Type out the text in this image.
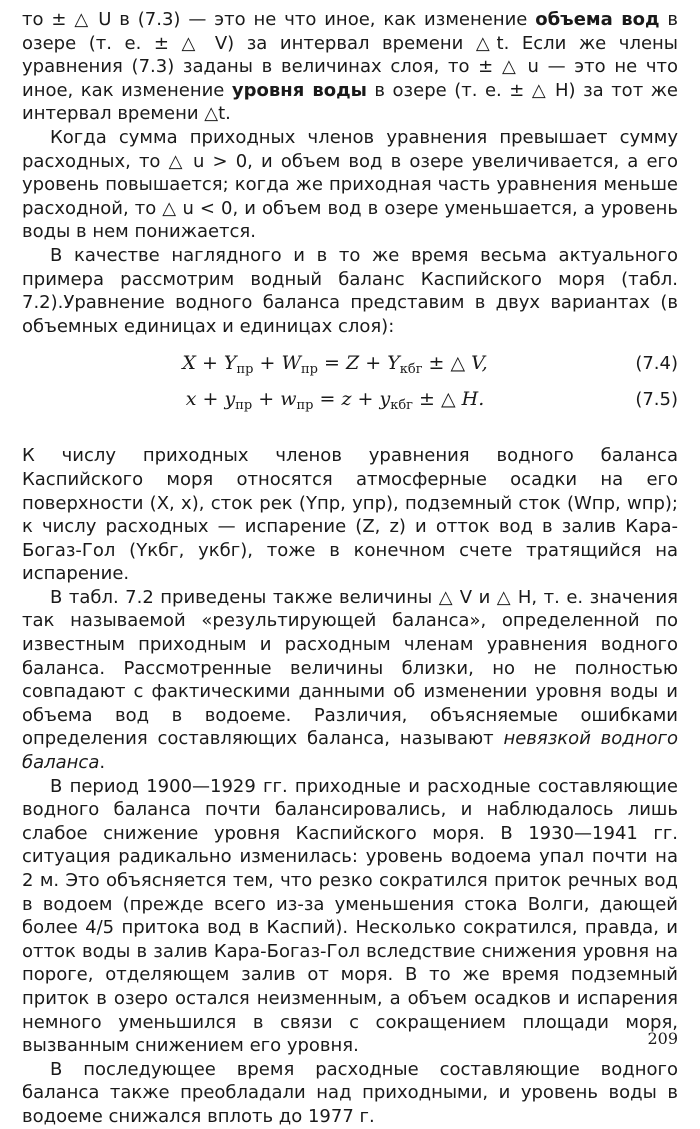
то ± △ U в (7.3) — это не что иное, как изменение объема вод в озере (т. е. ± △ V) за интервал времени △t. Если же члены уравнения (7.3) заданы в величинах слоя, то ± △ u — это не что иное, как изменение уровня воды в озере (т. е. ± △ H) за тот же интервал времени △t.

Когда сумма приходных членов уравнения превышает сумму расходных, то △ u > 0, и объем вод в озере увеличивается, а его уровень повышается; когда же приходная часть уравнения меньше расходной, то △ u < 0, и объем вод в озере уменьшается, а уровень воды в нем понижается.

В качестве наглядного и в то же время весьма актуального примера рассмотрим водный баланс Каспийского моря (табл. 7.2).Уравнение водного баланса представим в двух вариантах (в объемных единицах и единицах слоя):

$X + Y_{пр} + W_{пр} = Z + Y_{кбг}$ ± △ V,	(7.4)
$x + y_{пр} + w_{пр} = z + y_{кбг}$ ± △ H.	(7.5)

К числу приходных членов уравнения водного баланса Каспийского моря относятся атмосферные осадки на его поверхности (X, x), сток рек (Yпр, yпр), подземный сток (Wпр, wпр); к числу расходных — испарение (Z, z) и отток вод в залив Кара-Богаз-Гол (Yкбг, yкбг), тоже в конечном счете тратящийся на испарение.

В табл. 7.2 приведены также величины △ V и △ H, т. е. значения так называемой «результирующей баланса», определенной по известным приходным и расходным членам уравнения водного баланса. Рассмотренные величины близки, но не полностью совпадают с фактическими данными об изменении уровня воды и объема вод в водоеме. Различия, объясняемые ошибками определения составляющих баланса, называют невязкой водного баланса.

В период 1900—1929 гг. приходные и расходные составляющие водного баланса почти балансировались, и наблюдалось лишь слабое снижение уровня Каспийского моря. В 1930—1941 гг. ситуация радикально изменилась: уровень водоема упал почти на 2 м. Это объясняется тем, что резко сократился приток речных вод в водоем (прежде всего из-за уменьшения стока Волги, дающей более 4/5 притока вод в Каспий). Несколько сократился, правда, и отток воды в залив Кара-Богаз-Гол вследствие снижения уровня на пороге, отделяющем залив от моря. В то же время подземный приток в озеро остался неизменным, а объем осадков и испарения немного уменьшился в связи с сокращением площади моря, вызванным снижением его уровня.

В последующее время расходные составляющие водного баланса также преобладали над приходными, и уровень воды в водоеме снижался вплоть до 1977 г.

209
